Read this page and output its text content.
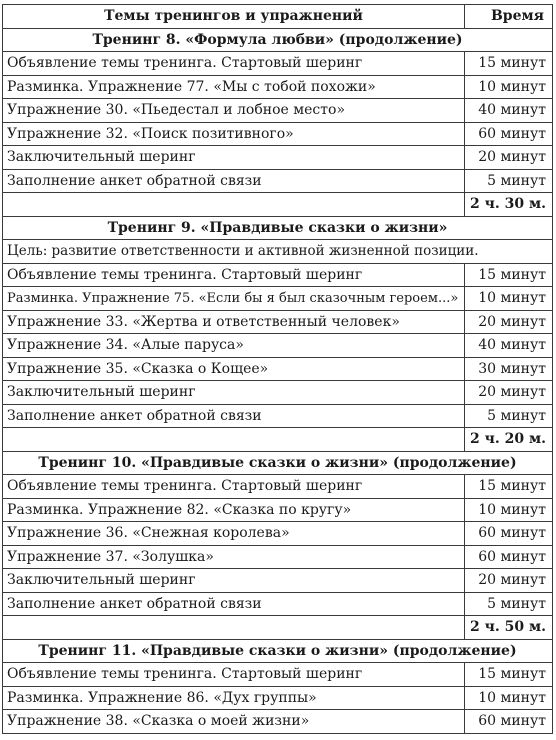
Темы тренингов и упражнений	Время
Тренинг 8. «Формула любви» (продолжение)	
Объявление темы тренинга. Стартовый шеринг	15 минут
Разминка. Упражнение 77. «Мы с тобой похожи»	10 минут
Упражнение 30. «Пьедестал и лобное место»	40 минут
Упражнение 32. «Поиск позитивного»	60 минут
Заключительный шеринг	20 минут
Заполнение анкет обратной связи	5 минут
	2 ч. 30 м.
Тренинг 9. «Правдивые сказки о жизни»	
Цель: развитие ответственности и активной жизненной позиции.	
Объявление темы тренинга. Стартовый шеринг	15 минут
Разминка. Упражнение 75. «Если бы я был сказочным героем...»	10 минут
Упражнение 33. «Жертва и ответственный человек»	20 минут
Упражнение 34. «Алые паруса»	40 минут
Упражнение 35. «Сказка о Кощее»	30 минут
Заключительный шеринг	20 минут
Заполнение анкет обратной связи	5 минут
	2 ч. 20 м.
Тренинг 10. «Правдивые сказки о жизни» (продолжение)	
Объявление темы тренинга. Стартовый шеринг	15 минут
Разминка. Упражнение 82. «Сказка по кругу»	10 минут
Упражнение 36. «Снежная королева»	60 минут
Упражнение 37. «Золушка»	60 минут
Заключительный шеринг	20 минут
Заполнение анкет обратной связи	5 минут
	2 ч. 50 м.
Тренинг 11. «Правдивые сказки о жизни» (продолжение)	
Объявление темы тренинга. Стартовый шеринг	15 минут
Разминка. Упражнение 86. «Дух группы»	10 минут
Упражнение 38. «Сказка о моей жизни»	60 минут
